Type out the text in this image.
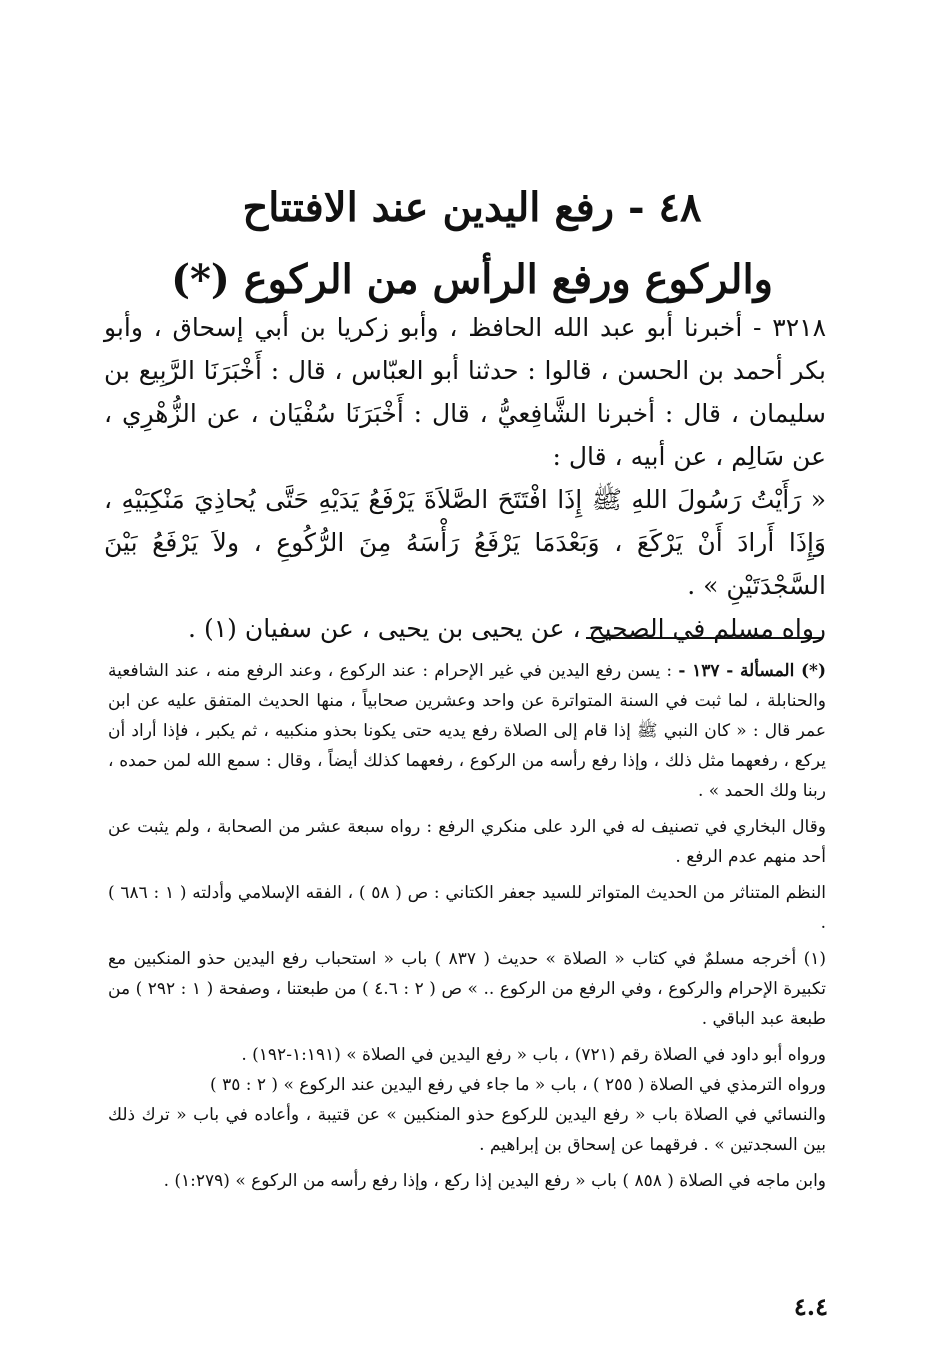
٤٨ - رفع اليدين عند الافتتاح
والركوع ورفع الرأس من الركوع (*)

٣٢١٨ - أخبرنا أبو عبد الله الحافظ ، وأبو زكريا بن أبي إسحاق ، وأبو بكر أحمد بن الحسن ، قالوا : حدثنا أبو العبّاس ، قال : أَخْبَرَنَا الرَّبِيع بن سليمان ، قال : أخبرنا الشَّافِعيُّ ، قال : أَخْبَرَنَا سُفْيَان ، عن الزُّهْرِي ، عن سَالِم ، عن أبيه ، قال :

« رَأَيْتُ رَسُولَ اللهِ ﷺ إِذَا افْتَتَحَ الصَّلاَةَ يَرْفَعُ يَدَيْهِ حَتَّى يُحاذِيَ مَنْكِبَيْهِ ، وَإِذَا أَرادَ أَنْ يَرْكَعَ ، وَبَعْدَمَا يَرْفَعُ رَأْسَهُ مِنَ الرُّكُوعِ ، ولاَ يَرْفَعُ بَيْنَ السَّجْدَتَيْنِ » .

رواه مسلم في الصحيح ، عن يحيى بن يحيى ، عن سفيان (١) .

(*) المسألة - ١٣٧ - : يسن رفع اليدين في غير الإحرام : عند الركوع ، وعند الرفع منه ، عند الشافعية والحنابلة ، لما ثبت في السنة المتواترة عن واحد وعشرين صحابياً ، منها الحديث المتفق عليه عن ابن عمر قال : « كان النبي ﷺ إذا قام إلى الصلاة رفع يديه حتى يكونا بحذو منكبيه ، ثم يكبر ، فإذا أراد أن يركع ، رفعهما مثل ذلك ، وإذا رفع رأسه من الركوع ، رفعهما كذلك أيضاً ، وقال : سمع الله لمن حمده ، ربنا ولك الحمد » .

وقال البخاري في تصنيف له في الرد على منكري الرفع : رواه سبعة عشر من الصحابة ، ولم يثبت عن أحد منهم عدم الرفع .

النظم المتناثر من الحديث المتواتر للسيد جعفر الكتاني : ص ( ٥٨ ) ، الفقه الإسلامي وأدلته ( ١ : ٦٨٦ ) .

(١) أخرجه مسلمٌ في كتاب « الصلاة » حديث ( ٨٣٧ ) باب « استحباب رفع اليدين حذو المنكبين مع تكبيرة الإحرام والركوع ، وفي الرفع من الركوع .. » ص ( ٢ : ٤.٦ ) من طبعتنا ، وصفحة ( ١ : ٢٩٢ ) من طبعة عبد الباقي .

ورواه أبو داود في الصلاة رقم (٧٢١) ، باب « رفع اليدين في الصلاة » (١:١٩١-١٩٢) .

ورواه الترمذي في الصلاة ( ٢٥٥ ) ، باب « ما جاء في رفع اليدين عند الركوع » ( ٢ : ٣٥ )

والنسائي في الصلاة باب « رفع اليدين للركوع حذو المنكبين » عن قتيبة ، وأعاده في باب « ترك ذلك بين السجدتين » . فرقهما عن إسحاق بن إبراهيم .

وابن ماجه في الصلاة ( ٨٥٨ ) باب « رفع اليدين إذا ركع ، وإذا رفع رأسه من الركوع » (١:٢٧٩) .

٤.٤
